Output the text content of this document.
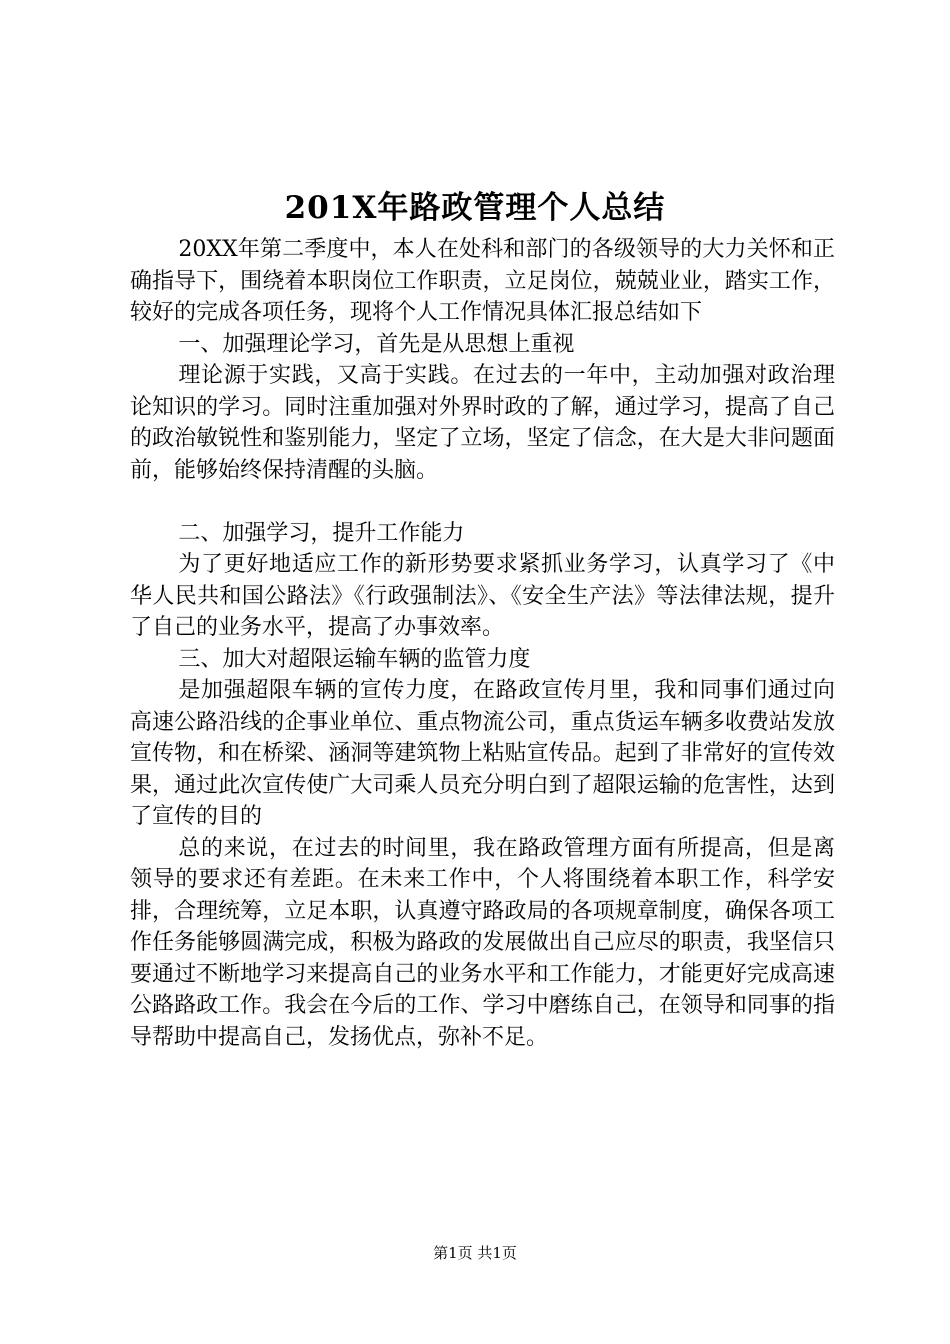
201X年路政管理个人总结

20XX年第二季度中，本人在处科和部门的各级领导的大力关怀和正确指导下，围绕着本职岗位工作职责，立足岗位，兢兢业业，踏实工作，较好的完成各项任务，现将个人工作情况具体汇报总结如下

一、加强理论学习，首先是从思想上重视

理论源于实践，又高于实践。在过去的一年中，主动加强对政治理论知识的学习。同时注重加强对外界时政的了解，通过学习，提高了自己的政治敏锐性和鉴别能力，坚定了立场，坚定了信念，在大是大非问题面前，能够始终保持清醒的头脑。

二、加强学习，提升工作能力

为了更好地适应工作的新形势要求紧抓业务学习，认真学习了《中华人民共和国公路法》《行政强制法》、《安全生产法》等法律法规，提升了自己的业务水平，提高了办事效率。

三、加大对超限运输车辆的监管力度

是加强超限车辆的宣传力度，在路政宣传月里，我和同事们通过向高速公路沿线的企事业单位、重点物流公司，重点货运车辆多收费站发放宣传物，和在桥梁、涵洞等建筑物上粘贴宣传品。起到了非常好的宣传效果，通过此次宣传使广大司乘人员充分明白到了超限运输的危害性，达到了宣传的目的

总的来说，在过去的时间里，我在路政管理方面有所提高，但是离领导的要求还有差距。在未来工作中，个人将围绕着本职工作，科学安排，合理统筹，立足本职，认真遵守路政局的各项规章制度，确保各项工作任务能够圆满完成，积极为路政的发展做出自己应尽的职责，我坚信只要通过不断地学习来提高自己的业务水平和工作能力，才能更好完成高速公路路政工作。我会在今后的工作、学习中磨练自己，在领导和同事的指导帮助中提高自己，发扬优点，弥补不足。

第1页 共1页
